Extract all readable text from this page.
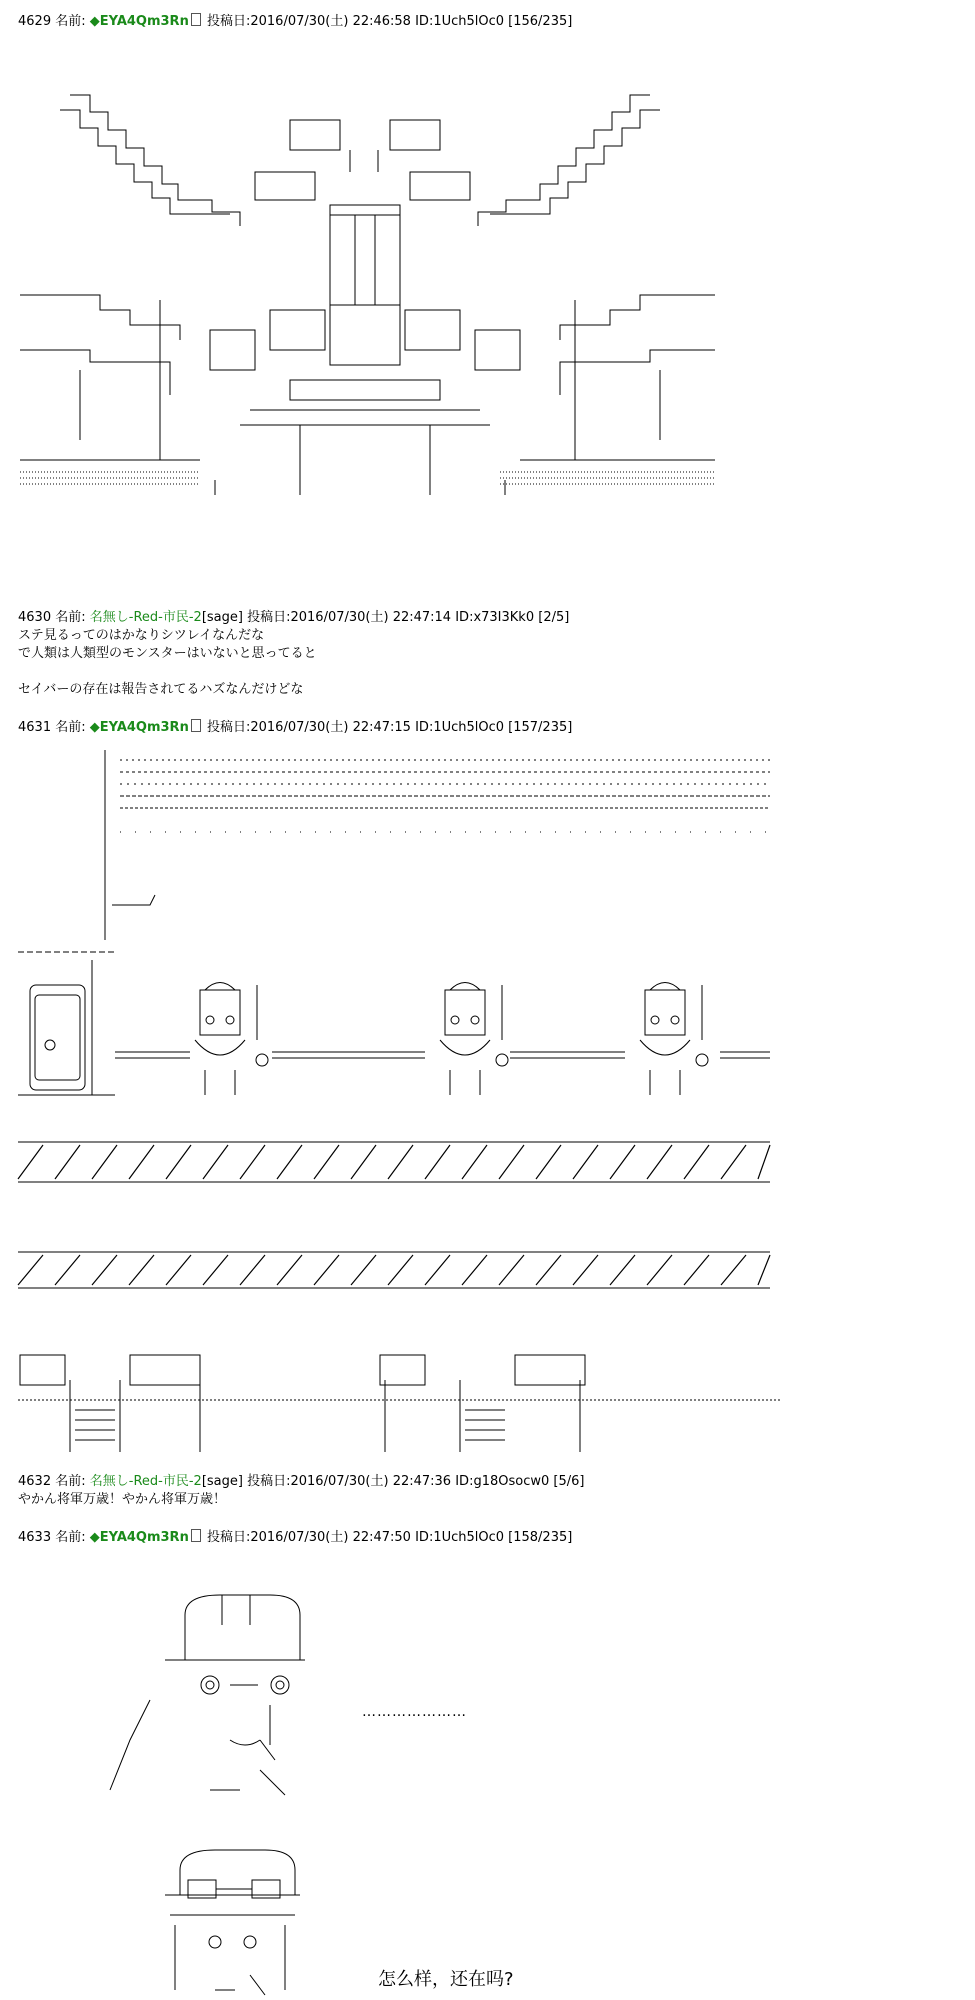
4629 名前: ◆EYA4Qm3Rn 投稿日:2016/07/30(土) 22:46:58 ID:1Uch5lOc0 [156/235]
4630 名前: 名無し-Red-市民-2[sage] 投稿日:2016/07/30(土) 22:47:14 ID:x73I3Kk0 [2/5]
ステ見るってのはかなりシツレイなんだな
で人類は人類型のモンスターはいないと思ってると
セイバーの存在は報告されてるハズなんだけどな
4631 名前: ◆EYA4Qm3Rn 投稿日:2016/07/30(土) 22:47:15 ID:1Uch5lOc0 [157/235]
4632 名前: 名無し-Red-市民-2[sage] 投稿日:2016/07/30(土) 22:47:36 ID:g18Osocw0 [5/6]
やかん将軍万歳！やかん将軍万歳！
4633 名前: ◆EYA4Qm3Rn 投稿日:2016/07/30(土) 22:47:50 ID:1Uch5lOc0 [158/235]
…………………
怎么样，还在吗?
